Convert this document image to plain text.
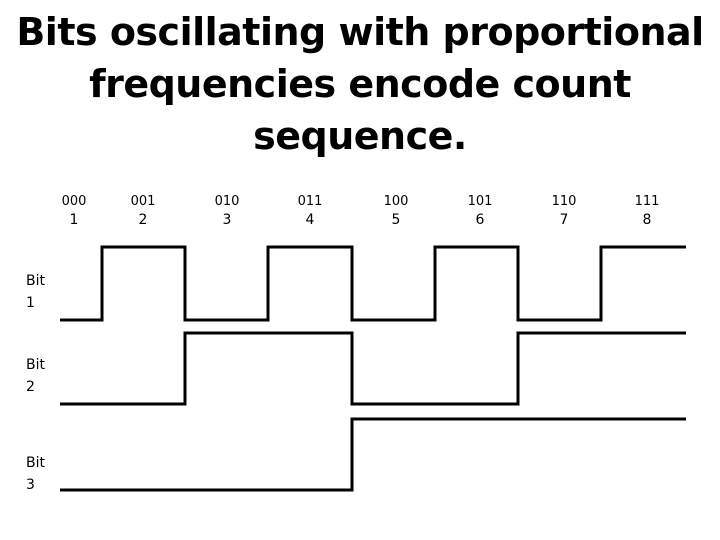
Bits oscillating with proportional
frequencies encode count sequence.
000
1
001
2
010
3
011
4
100
5
101
6
110
7
111
8
Bit
1
Bit
2
Bit
3
